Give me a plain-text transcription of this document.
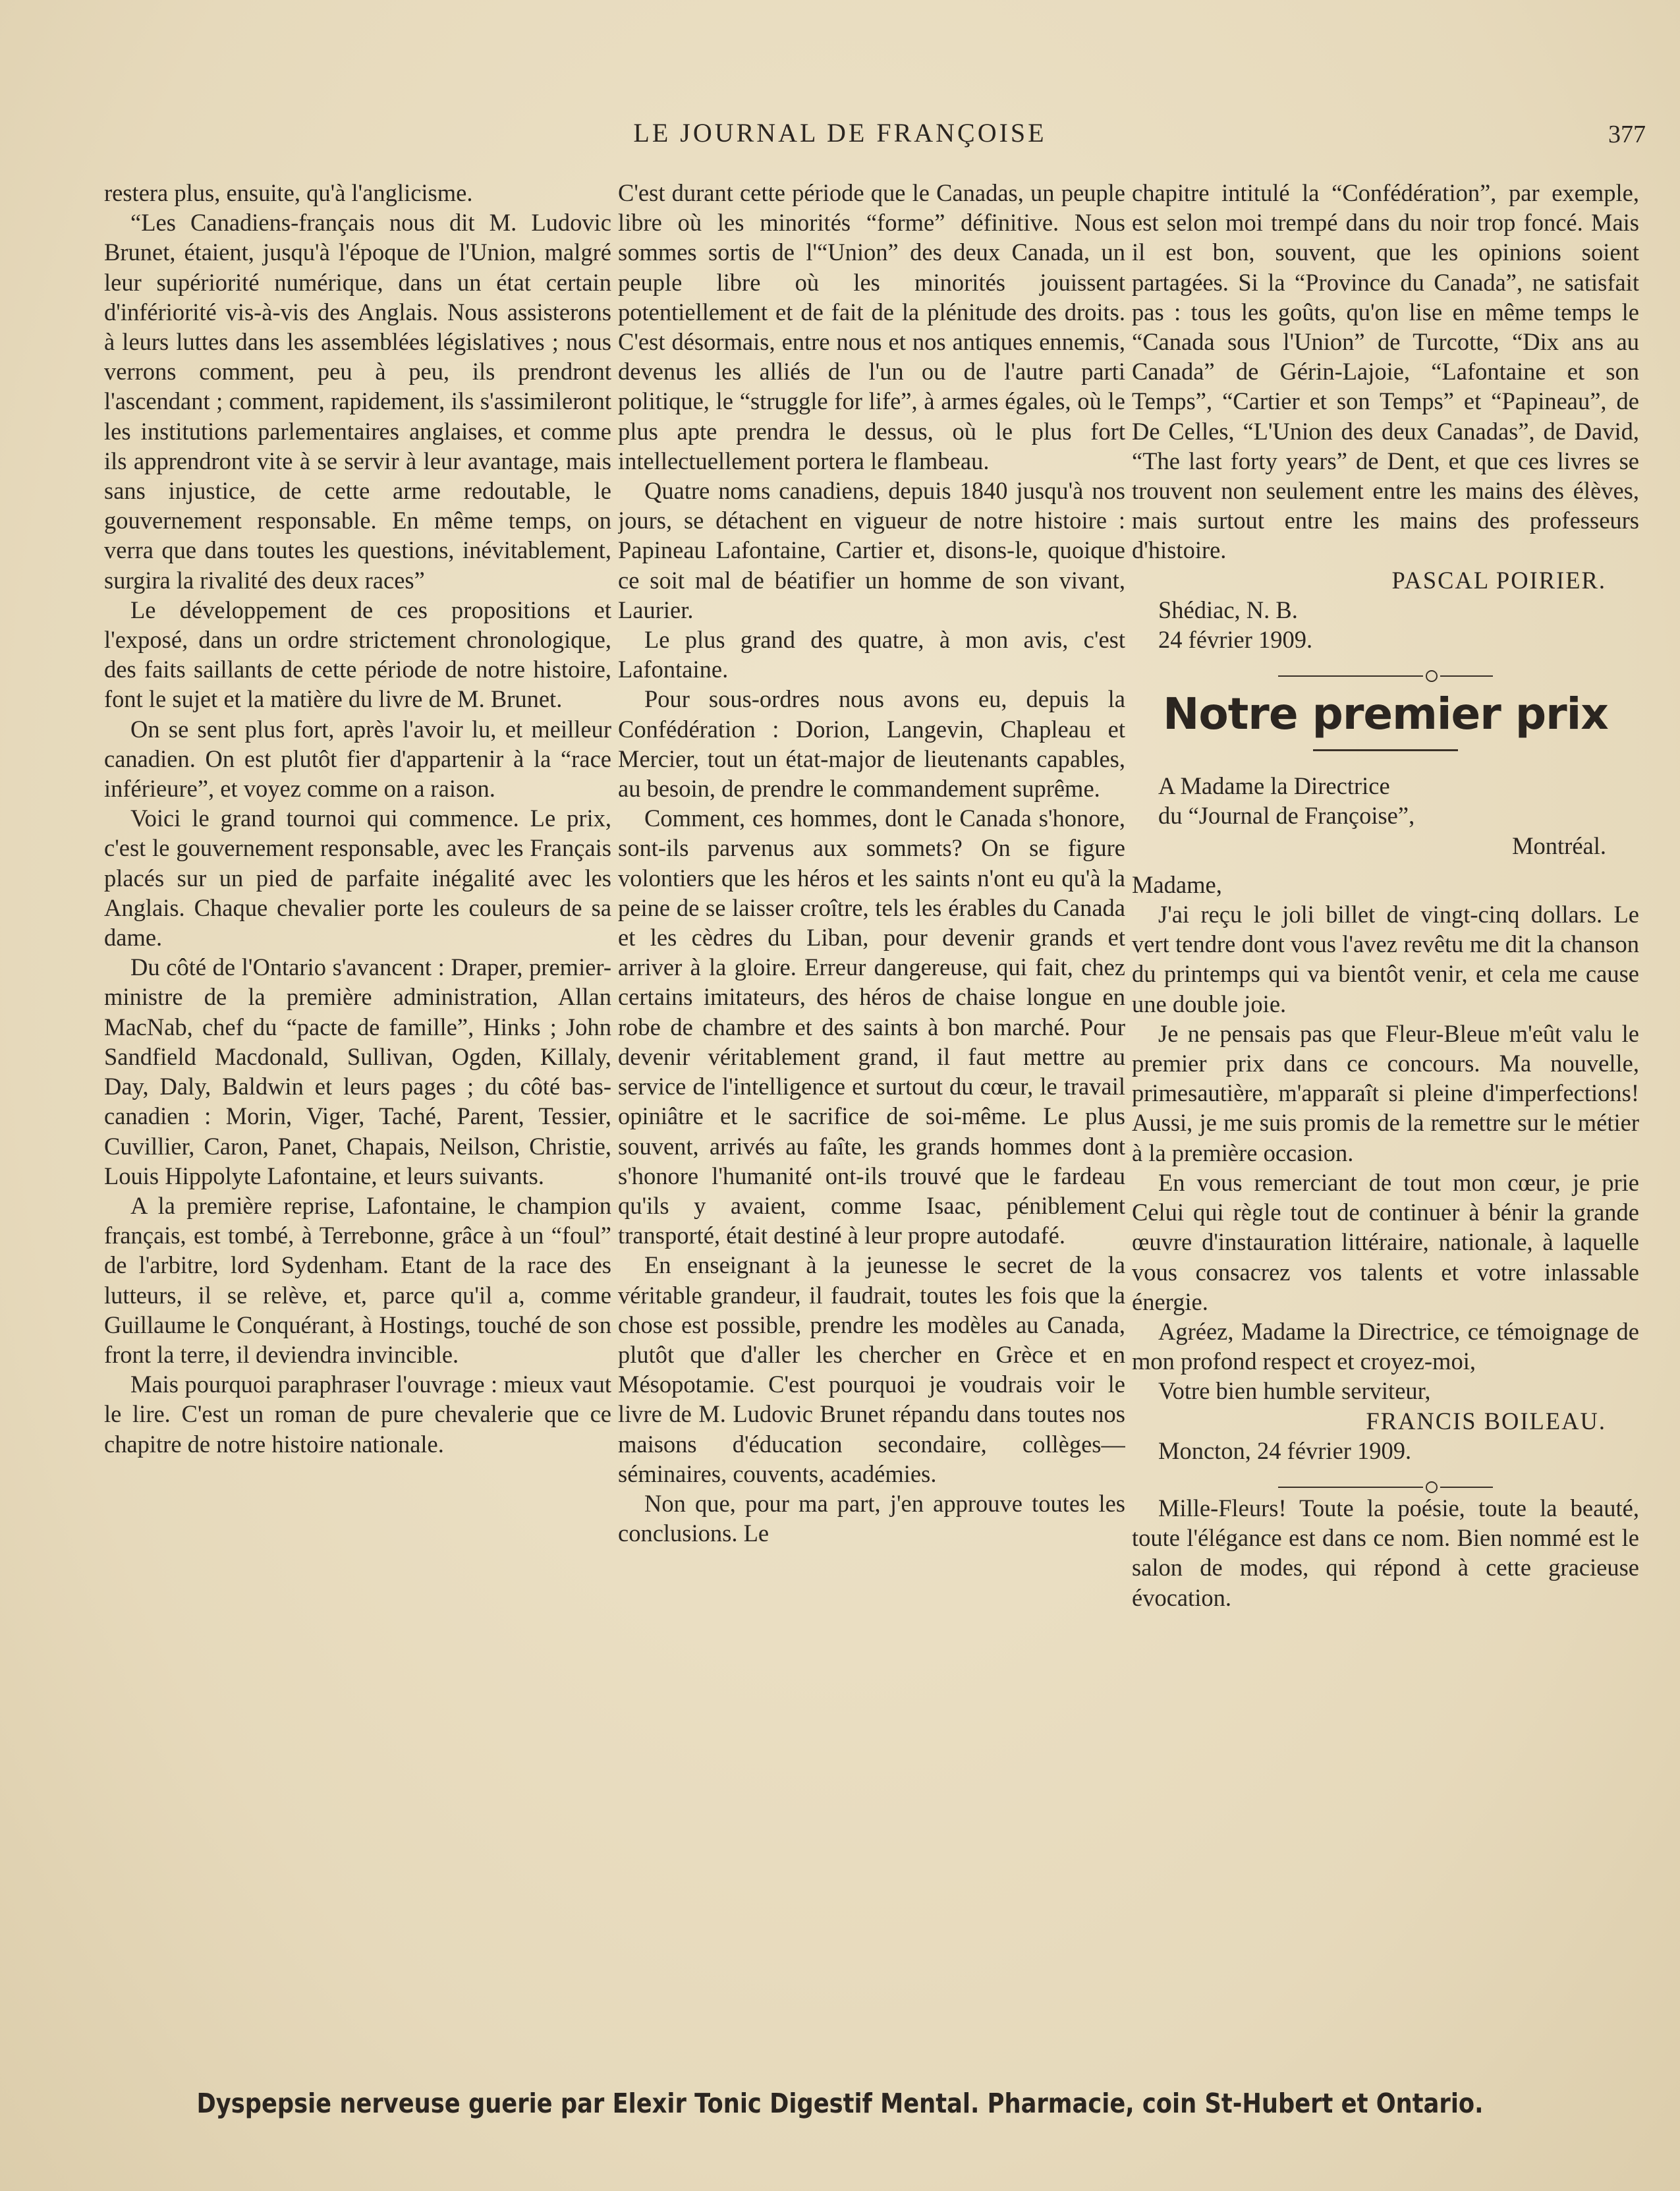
LE JOURNAL DE FRANÇOISE	377

restera plus, ensuite, qu'à l'anglicisme.

“Les Canadiens-français nous dit M. Ludovic Brunet, étaient, jusqu'à l'époque de l'Union, malgré leur supériorité numérique, dans un état certain d'infériorité vis-à-vis des Anglais. Nous assisterons à leurs luttes dans les assemblées législatives ; nous verrons comment, peu à peu, ils prendront l'ascendant ; comment, rapidement, ils s'assimileront les institutions parlementaires anglaises, et comme ils apprendront vite à se servir à leur avantage, mais sans injustice, de cette arme redoutable, le gouvernement responsable. En même temps, on verra que dans toutes les questions, inévitablement, surgira la rivalité des deux races”

Le développement de ces propositions et l'exposé, dans un ordre strictement chronologique, des faits saillants de cette période de notre histoire, font le sujet et la matière du livre de M. Brunet.

On se sent plus fort, après l'avoir lu, et meilleur canadien. On est plutôt fier d'appartenir à la “race inférieure”, et voyez comme on a raison.

Voici le grand tournoi qui commence. Le prix, c'est le gouvernement responsable, avec les Français placés sur un pied de parfaite inégalité avec les Anglais. Chaque chevalier porte les couleurs de sa dame.

Du côté de l'Ontario s'avancent : Draper, premier-ministre de la première administration, Allan MacNab, chef du “pacte de famille”, Hinks ; John Sandfield Macdonald, Sullivan, Ogden, Killaly, Day, Daly, Baldwin et leurs pages ; du côté bas-canadien : Morin, Viger, Taché, Parent, Tessier, Cuvillier, Caron, Panet, Chapais, Neilson, Christie, Louis Hippolyte Lafontaine, et leurs suivants.

A la première reprise, Lafontaine, le champion français, est tombé, à Terrebonne, grâce à un “foul” de l'arbitre, lord Sydenham. Etant de la race des lutteurs, il se relève, et, parce qu'il a, comme Guillaume le Conquérant, à Hostings, touché de son front la terre, il deviendra invincible.

Mais pourquoi paraphraser l'ouvrage : mieux vaut le lire. C'est un roman de pure chevalerie que ce chapitre de notre histoire nationale.

C'est durant cette période que le Canadas, un peuple libre où les minorités “forme” définitive. Nous sommes sortis de l'“Union” des deux Canada, un peuple libre où les minorités jouissent potentiellement et de fait de la plénitude des droits. C'est désormais, entre nous et nos antiques ennemis, devenus les alliés de l'un ou de l'autre parti politique, le “struggle for life”, à armes égales, où le plus apte prendra le dessus, où le plus fort intellectuellement portera le flambeau.

Quatre noms canadiens, depuis 1840 jusqu'à nos jours, se détachent en vigueur de notre histoire : Papineau Lafontaine, Cartier et, disons-le, quoique ce soit mal de béatifier un homme de son vivant, Laurier.

Le plus grand des quatre, à mon avis, c'est Lafontaine.

Pour sous-ordres nous avons eu, depuis la Confédération : Dorion, Langevin, Chapleau et Mercier, tout un état-major de lieutenants capables, au besoin, de prendre le commandement suprême.

Comment, ces hommes, dont le Canada s'honore, sont-ils parvenus aux sommets? On se figure volontiers que les héros et les saints n'ont eu qu'à la peine de se laisser croître, tels les érables du Canada et les cèdres du Liban, pour devenir grands et arriver à la gloire. Erreur dangereuse, qui fait, chez certains imitateurs, des héros de chaise longue en robe de chambre et des saints à bon marché. Pour devenir véritablement grand, il faut mettre au service de l'intelligence et surtout du cœur, le travail opiniâtre et le sacrifice de soi-même. Le plus souvent, arrivés au faîte, les grands hommes dont s'honore l'humanité ont-ils trouvé que le fardeau qu'ils y avaient, comme Isaac, péniblement transporté, était destiné à leur propre autodafé.

En enseignant à la jeunesse le secret de la véritable grandeur, il faudrait, toutes les fois que la chose est possible, prendre les modèles au Canada, plutôt que d'aller les chercher en Grèce et en Mésopotamie. C'est pourquoi je voudrais voir le livre de M. Ludovic Brunet répandu dans toutes nos maisons d'éducation secondaire, collèges—séminaires, couvents, académies.

Non que, pour ma part, j'en approuve toutes les conclusions. Le

chapitre intitulé la “Confédération”, par exemple, est selon moi trempé dans du noir trop foncé. Mais il est bon, souvent, que les opinions soient partagées. Si la “Province du Canada”, ne satisfait pas : tous les goûts, qu'on lise en même temps le “Canada sous l'Union” de Turcotte, “Dix ans au Canada” de Gérin-Lajoie, “Lafontaine et son Temps”, “Cartier et son Temps” et “Papineau”, de De Celles, “L'Union des deux Canadas”, de David, “The last forty years” de Dent, et que ces livres se trouvent non seulement entre les mains des élèves, mais surtout entre les mains des professeurs d'histoire.

PASCAL POIRIER.

Shédiac, N. B.

24 février 1909.

Notre premier prix

A Madame la Directrice

du “Journal de Françoise”,

Montréal.

Madame,

J'ai reçu le joli billet de vingt-cinq dollars. Le vert tendre dont vous l'avez revêtu me dit la chanson du printemps qui va bientôt venir, et cela me cause une double joie.

Je ne pensais pas que Fleur-Bleue m'eût valu le premier prix dans ce concours. Ma nouvelle, primesautière, m'apparaît si pleine d'imperfections! Aussi, je me suis promis de la remettre sur le métier à la première occasion.

En vous remerciant de tout mon cœur, je prie Celui qui règle tout de continuer à bénir la grande œuvre d'instauration littéraire, nationale, à laquelle vous consacrez vos talents et votre inlassable énergie.

Agréez, Madame la Directrice, ce témoignage de mon profond respect et croyez-moi,

Votre bien humble serviteur,

FRANCIS BOILEAU.

Moncton, 24 février 1909.

Mille-Fleurs! Toute la poésie, toute la beauté, toute l'élégance est dans ce nom. Bien nommé est le salon de modes, qui répond à cette gracieuse évocation.

Dyspepsie nerveuse guerie par Elexir Tonic Digestif Mental. Pharmacie, coin St-Hubert et Ontario.
